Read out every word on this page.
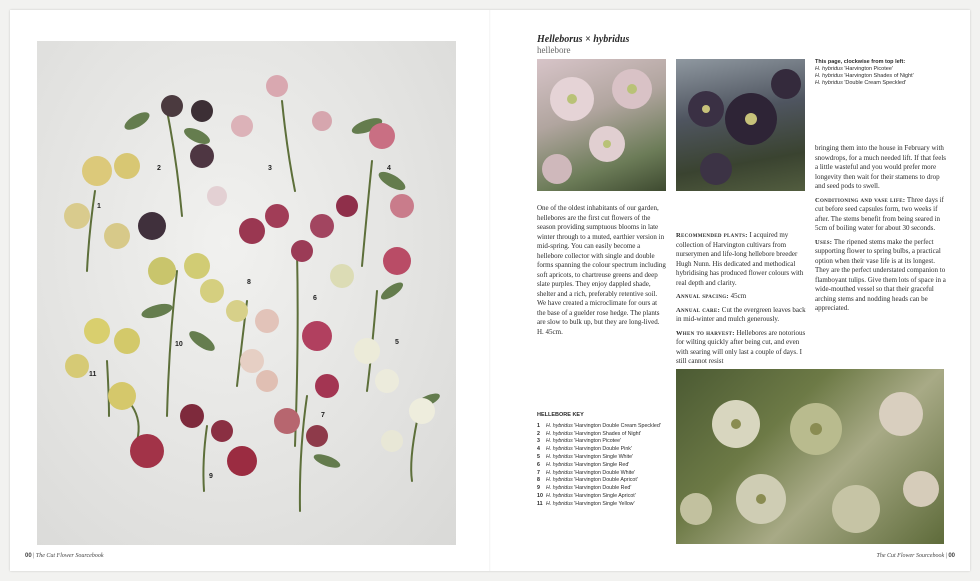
1
2	3	4
5
6
7
8
9
10
11
00 | The Cut Flower Sourcebook
Helleborus × hybridus
hellebore
This page, clockwise from top left:
H. hybridus 'Harvington Picotee'
H. hybridus 'Harvington Shades of Night'
H. hybridus 'Double Cream Speckled'

One of the oldest inhabitants of our garden, hellebores are the first cut flowers of the season providing sumptuous blooms in late winter through to a muted, earthier version in mid-spring. You can easily become a hellebore collector with single and double forms spanning the colour spectrum including soft apricots, to chartreuse greens and deep slate purples. They enjoy dappled shade, shelter and a rich, preferably retentive soil. We have created a microclimate for ours at the base of a guelder rose hedge. The plants are slow to bulk up, but they are long-lived. H. 45cm.

Recommended plants: I acquired my collection of Harvington cultivars from nurserymen and life-long hellebore breeder Hugh Nunn. His dedicated and methodical hybridising has produced flower colours with real depth and clarity.

Annual spacing: 45cm

Annual care: Cut the evergreen leaves back in mid-winter and mulch generously.

When to harvest: Hellebores are notorious for wilting quickly after being cut, and even with searing will only last a couple of days. I still cannot resist

bringing them into the house in February with snowdrops, for a much needed lift. If that feels a little wasteful and you would prefer more longevity then wait for their stamens to drop and seed pods to swell.

Conditioning and vase life: Three days if cut before seed capsules form, two weeks if after. The stems benefit from being seared in 5cm of boiling water for about 30 seconds.

Uses: The ripened stems make the perfect supporting flower to spring bulbs, a practical option when their vase life is at its longest. They are the perfect understated companion to flamboyant tulips. Give them lots of space in a wide-mouthed vessel so that their graceful arching stems and nodding heads can be appreciated.

HELLEBORE KEY
1	H. hybridus 'Harvington Double Cream Speckled'
2	H. hybridus 'Harvington Shades of Night'
3	H. hybridus 'Harvington Picotee'
4	H. hybridus 'Harvington Double Pink'
5	H. hybridus 'Harvington Single White'
6	H. hybridus 'Harvington Single Red'
7	H. hybridus 'Harvington Double White'
8	H. hybridus 'Harvington Double Apricot'
9	H. hybridus 'Harvington Double Red'
10 H. hybridus 'Harvington Single Apricot'
11 H. hybridus 'Harvington Single Yellow'
The Cut Flower Sourcebook | 00
